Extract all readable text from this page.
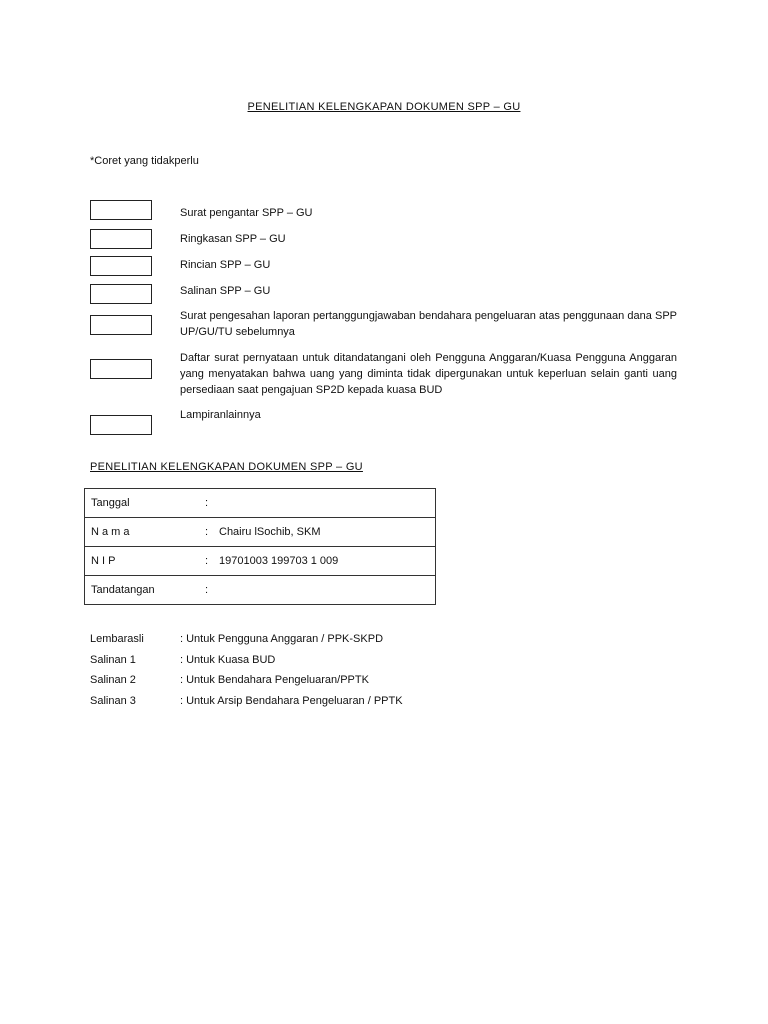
PENELITIAN KELENGKAPAN DOKUMEN SPP – GU
*Coret yang tidakperlu
Surat pengantar SPP – GU
Ringkasan SPP – GU
Rincian SPP – GU
Salinan SPP – GU
Surat pengesahan laporan pertanggungjawaban bendahara pengeluaran atas penggunaan dana SPP UP/GU/TU sebelumnya
Daftar surat pernyataan untuk ditandatangani oleh Pengguna Anggaran/Kuasa Pengguna Anggaran yang menyatakan bahwa uang yang diminta tidak dipergunakan untuk keperluan selain ganti uang persediaan saat pengajuan SP2D kepada kuasa BUD
Lampiranlainnya
PENELITIAN KELENGKAPAN DOKUMEN SPP – GU
Tanggal	:	
N a m a	:	Chairu lSochib, SKM
N I P	:	19701003 199703 1 009
Tandatangan	:	
Lembarasli	: Untuk Pengguna Anggaran / PPK-SKPD
Salinan 1	: Untuk Kuasa BUD
Salinan 2	: Untuk Bendahara Pengeluaran/PPTK
Salinan 3	: Untuk Arsip Bendahara Pengeluaran / PPTK
